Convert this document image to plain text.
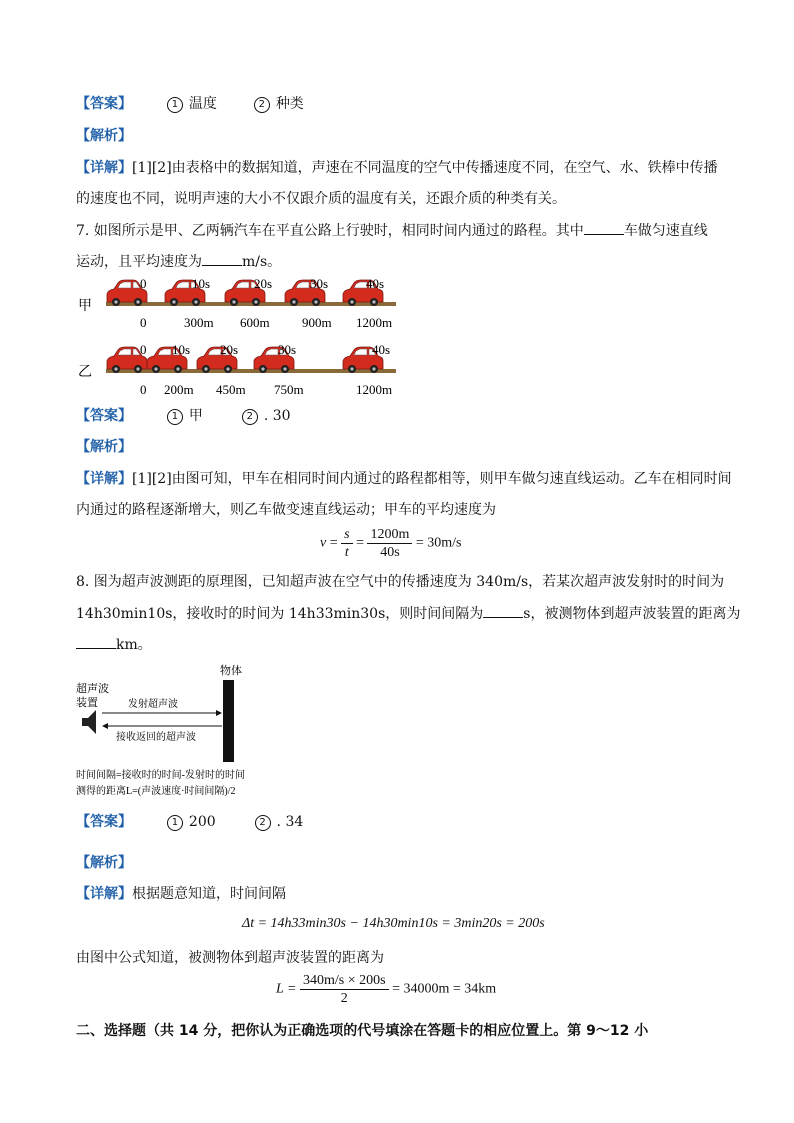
【答案】	1 温度	2 种类
【解析】
【详解】[1][2]由表格中的数据知道，声速在不同温度的空气中传播速度不同，在空气、水、铁棒中传播
的速度也不同，说明声速的大小不仅跟介质的温度有关，还跟介质的种类有关。
7. 如图所示是甲、乙两辆汽车在平直公路上行驶时，相同时间内通过的路程。其中	车做匀速直线
运动，且平均速度为	m/s。
甲
0	10s	20s	30s	40s
0	300m 600m 900m 1200m
乙
0 10s 20s	30s	40s
0 200m 450m 750m	1200m
【答案】	1 甲	2 . 30
【解析】
【详解】[1][2]由图可知，甲车在相同时间内通过的路程都相等，则甲车做匀速直线运动。乙车在相同时间
内通过的路程逐渐增大，则乙车做变速直线运动；甲车的平均速度为
$v = \frac{s}{t} = \frac{1200m}{40s} = 30m/s$
8. 图为超声波测距的原理图，已知超声波在空气中的传播速度为 340m/s，若某次超声波发射时的时间为
14h30min10s，接收时的时间为 14h33min30s，则时间间隔为	s，被测物体到超声波装置的距离为
km。
超声波
装置
物体
发射超声波
接收返回的超声波
时间间隔=接收时的时间-发射时的时间
测得的距离L=(声波速度·时间间隔)/2
【答案】	1 200	2 . 34
【解析】
【详解】根据题意知道，时间间隔
Δt = 14h33min30s − 14h30min10s = 3min20s = 200s
由图中公式知道，被测物体到超声波装置的距离为
$L = \frac{340m/s \times 200s}{2} = 34000m = 34km$
二、选择题（共 14 分，把你认为正确选项的代号填涂在答题卡的相应位置上。第 9～12 小
